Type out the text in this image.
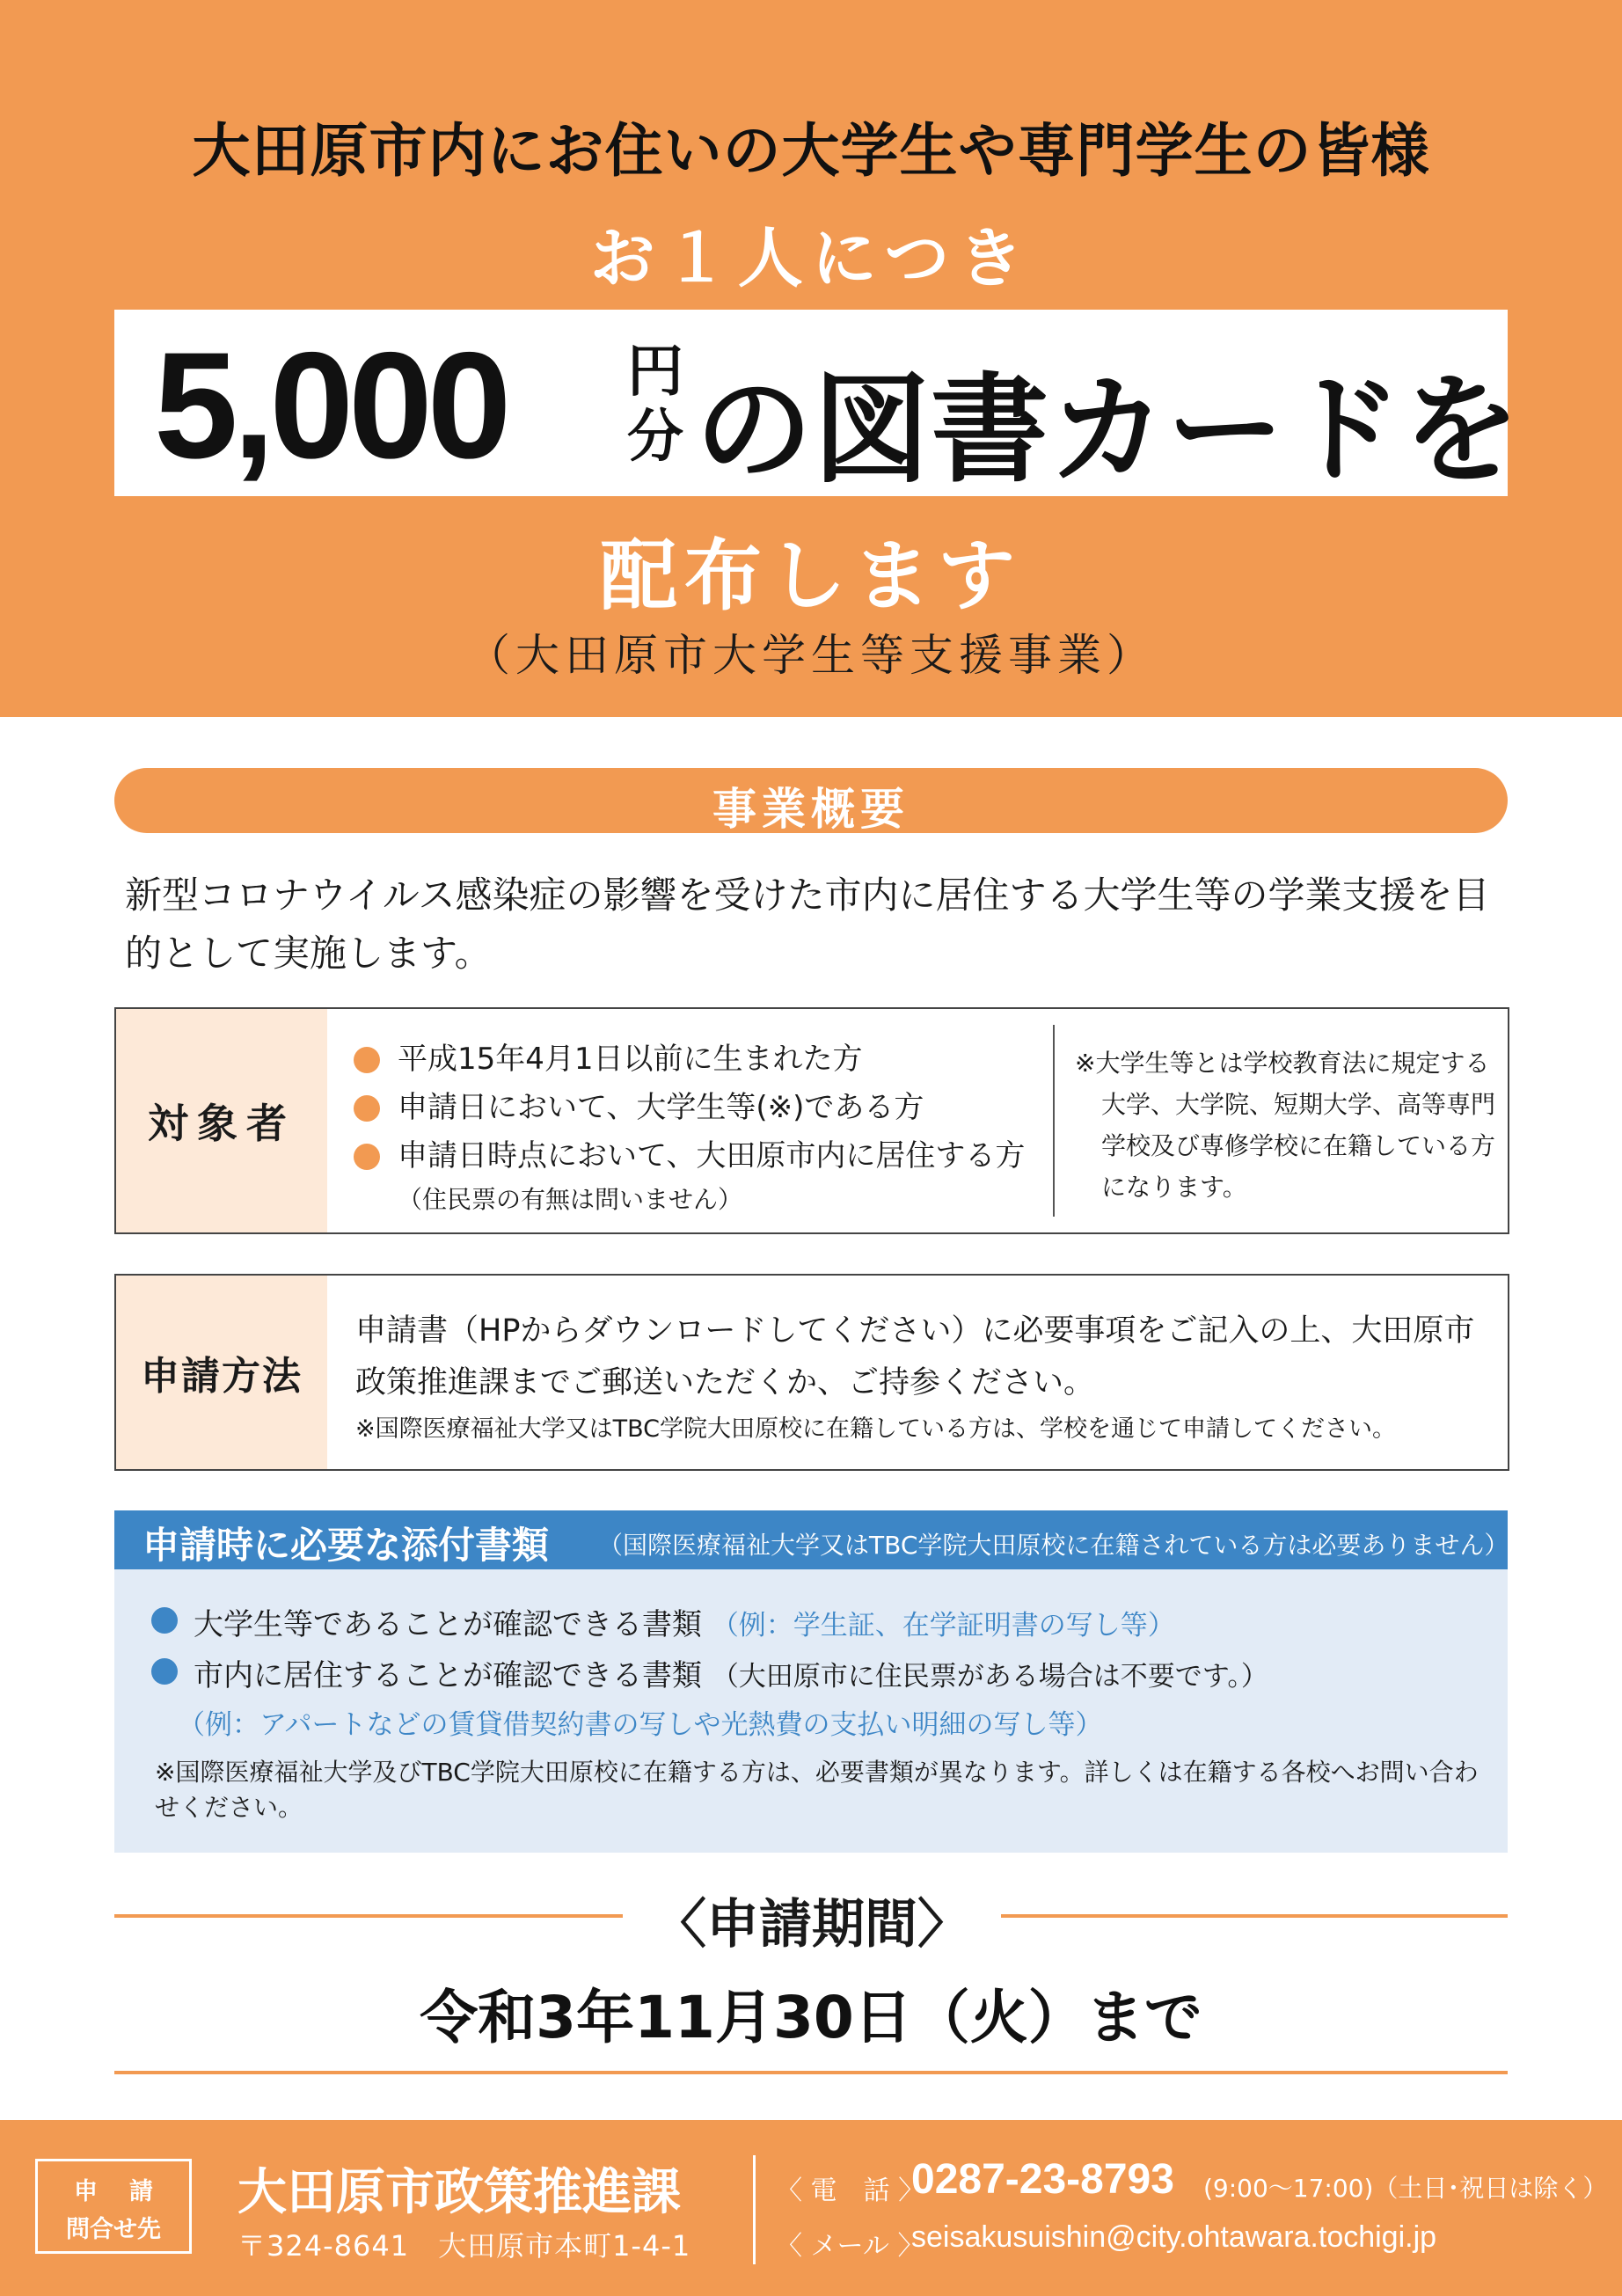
大田原市内にお住いの大学生や専門学生の皆様
お１人につき
5,000 円
分 の図書カードを
配布します
（大田原市大学生等支援事業）
事業概要
新型コロナウイルス感染症の影響を受けた市内に居住する大学生等の学業支援を目的として実施します。
対象者
平成15年4月1日以前に生まれた方
申請日において、大学生等(※)である方
申請日時点において、大田原市内に居住する方
（住民票の有無は問いません）
※大学生等とは学校教育法に規定する
大学、大学院、短期大学、高等専門
学校及び専修学校に在籍している方
になります。
申請方法
申請書（HPからダウンロードしてください）に必要事項をご記入の上、大田原市政策推進課までご郵送いただくか、ご持参ください。
※国際医療福祉大学又はTBC学院大田原校に在籍している方は、学校を通じて申請してください。
申請時に必要な添付書類 （国際医療福祉大学又はTBC学院大田原校に在籍されている方は必要ありません）
大学生等であることが確認できる書類 （例：学生証、在学証明書の写し等）
市内に居住することが確認できる書類 （大田原市に住民票がある場合は不要です。）
（例：アパートなどの賃貸借契約書の写しや光熱費の支払い明細の写し等）
※国際医療福祉大学及びTBC学院大田原校に在籍する方は、必要書類が異なります。詳しくは在籍する各校へお問い合わせください。
〈申請期間〉
令和3年11月30日（火）まで
申請
問合せ先
大田原市政策推進課
〒324-8641　大田原市本町1-4-1
〈 電　話 〉
0287-23-8793 (9:00〜17:00)（土日･祝日は除く）
〈 メール 〉
seisakusuishin@city.ohtawara.tochigi.jp
